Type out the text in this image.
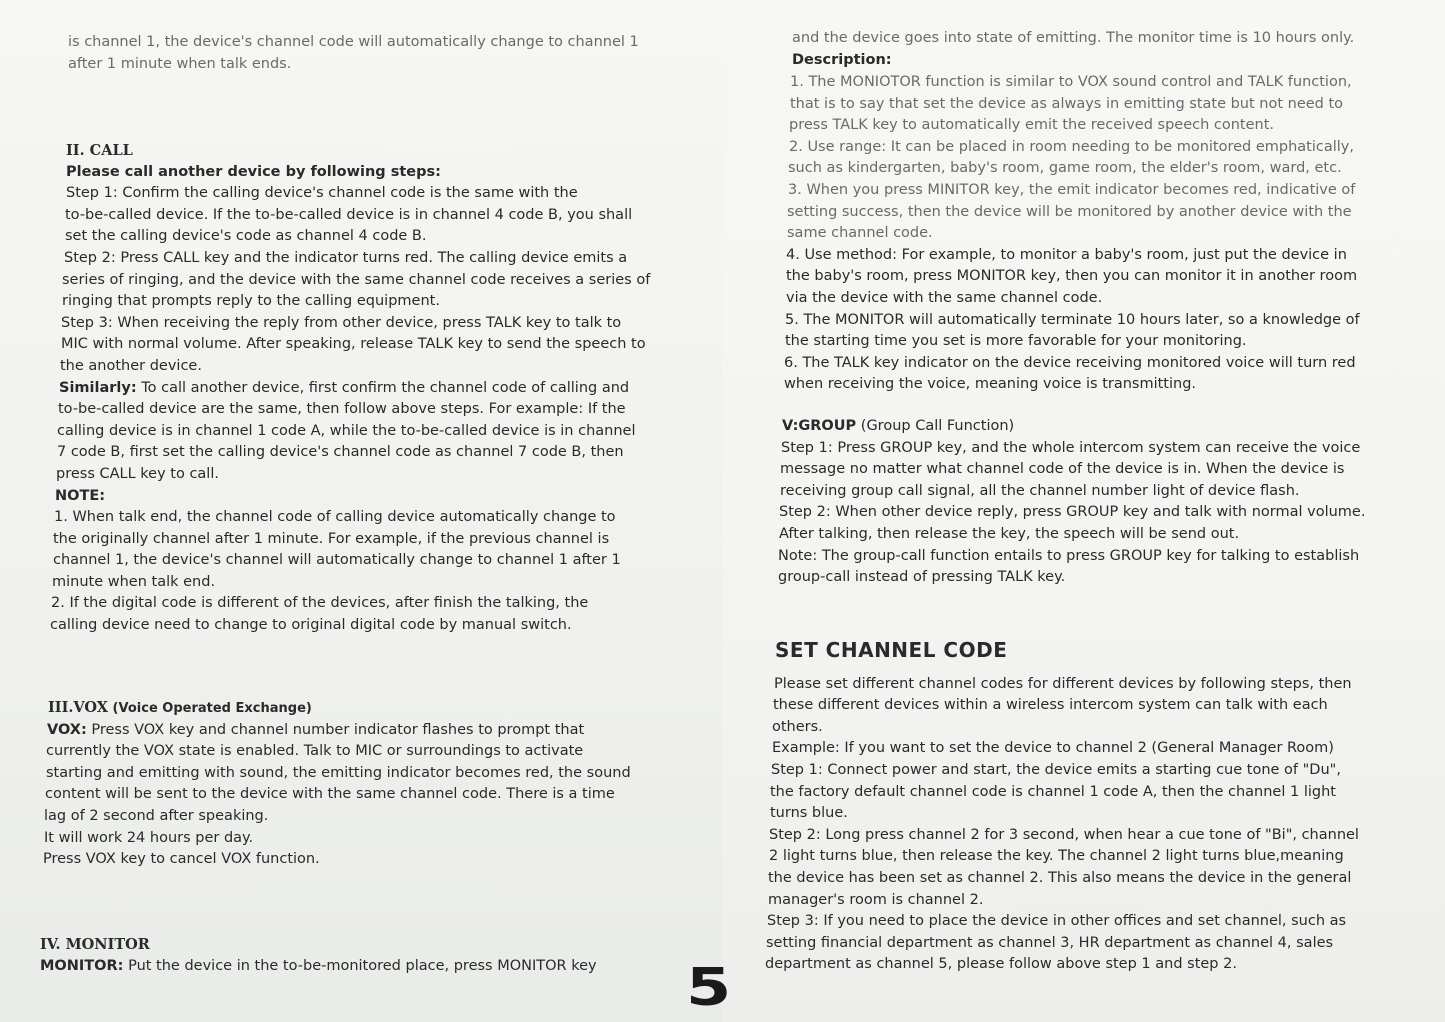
is channel 1, the device's channel code will automatically change to channel 1

after 1 minute when talk ends.

II. CALL
Please call another device by following steps:

Step 1: Confirm the calling device's channel code is the same with the

to-be-called device. If the to-be-called device is in channel 4 code B, you shall

set the calling device's code as channel 4 code B.

Step 2: Press CALL key and the indicator turns red. The calling device emits a

series of ringing, and the device with the same channel code receives a series of

ringing that prompts reply to the calling equipment.

Step 3: When receiving the reply from other device, press TALK key to talk to

MIC with normal volume. After speaking, release TALK key to send the speech to

the another device.

Similarly: To call another device, first confirm the channel code of calling and

to-be-called device are the same, then follow above steps. For example: If the

calling device is in channel 1 code A, while the to-be-called device is in channel

7 code B, first set the calling device's channel code as channel 7 code B, then

press CALL key to call.

NOTE:

1. When talk end, the channel code of calling device automatically change to

the originally channel after 1 minute. For example, if the previous channel is

channel 1, the device's channel will automatically change to channel 1 after 1

minute when talk end.

2. If the digital code is different of the devices, after finish the talking, the

calling device need to change to original digital code by manual switch.

III.VOX (Voice Operated Exchange)

VOX: Press VOX key and channel number indicator flashes to prompt that

currently the VOX state is enabled. Talk to MIC or surroundings to activate

starting and emitting with sound, the emitting indicator becomes red, the sound

content will be sent to the device with the same channel code. There is a time

lag of 2 second after speaking.

It will work 24 hours per day.

Press VOX key to cancel VOX function.

IV. MONITOR

MONITOR: Put the device in the to-be-monitored place, press MONITOR key

and the device goes into state of emitting. The monitor time is 10 hours only.

Description:

1. The MONIOTOR function is similar to VOX sound control and TALK function,

that is to say that set the device as always in emitting state but not need to

press TALK key to automatically emit the received speech content.

2. Use range: It can be placed in room needing to be monitored emphatically,

such as kindergarten, baby's room, game room, the elder's room, ward, etc.

3. When you press MINITOR key, the emit indicator becomes red, indicative of

setting success, then the device will be monitored by another device with the

same channel code.

4. Use method: For example, to monitor a baby's room, just put the device in

the baby's room, press MONITOR key, then you can monitor it in another room

via the device with the same channel code.

5. The MONITOR will automatically terminate 10 hours later, so a knowledge of

the starting time you set is more favorable for your monitoring.

6. The TALK key indicator on the device receiving monitored voice will turn red

when receiving the voice, meaning voice is transmitting.

V:GROUP (Group Call Function)

Step 1: Press GROUP key, and the whole intercom system can receive the voice

message no matter what channel code of the device is in. When the device is

receiving group call signal, all the channel number light of device flash.

Step 2: When other device reply, press GROUP key and talk with normal volume.

After talking, then release the key, the speech will be send out.

Note: The group-call function entails to press GROUP key for talking to establish

group-call instead of pressing TALK key.

SET CHANNEL CODE

Please set different channel codes for different devices by following steps, then

these different devices within a wireless intercom system can talk with each

others.

Example: If you want to set the device to channel 2 (General Manager Room)

Step 1: Connect power and start, the device emits a starting cue tone of "Du",

the factory default channel code is channel 1 code A, then the channel 1 light

turns blue.

Step 2: Long press channel 2 for 3 second, when hear a cue tone of "Bi", channel

2 light turns blue, then release the key. The channel 2 light turns blue,meaning

the device has been set as channel 2. This also means the device in the general

manager's room is channel 2.

Step 3: If you need to place the device in other offices and set channel, such as

setting financial department as channel 3, HR department as channel 4, sales

department as channel 5, please follow above step 1 and step 2.

5
